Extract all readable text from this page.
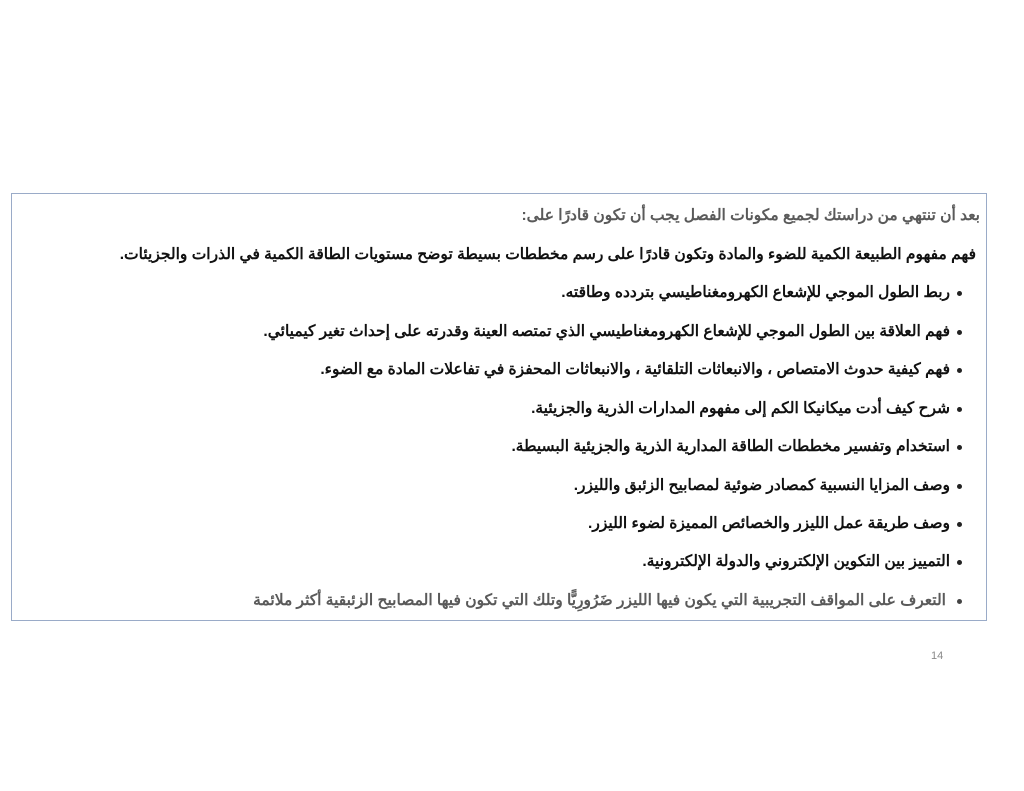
بعد أن تنتهي من دراستك لجميع مكونات الفصل يجب أن تكون قادرًا على:
فهم مفهوم الطبيعة الكمية للضوء والمادة وتكون قادرًا على رسم مخططات بسيطة توضح مستويات الطاقة الكمية في الذرات والجزيئات.
ربط الطول الموجي للإشعاع الكهرومغناطيسي بتردده وطاقته.
فهم العلاقة بين الطول الموجي للإشعاع الكهرومغناطيسي الذي تمتصه العينة وقدرته على إحداث تغير كيميائي.
فهم كيفية حدوث الامتصاص ، والانبعاثات التلقائية ، والانبعاثات المحفزة في تفاعلات المادة مع الضوء.
شرح كيف أدت ميكانيكا الكم إلى مفهوم المدارات الذرية والجزيئية.
استخدام وتفسير مخططات الطاقة المدارية الذرية والجزيئية البسيطة.
وصف المزايا النسبية كمصادر ضوئية لمصابيح الزئبق والليزر.
وصف طريقة عمل الليزر والخصائص المميزة لضوء الليزر.
التمييز بين التكوين الإلكتروني والدولة الإلكترونية.
التعرف على المواقف التجريبية التي يكون فيها الليزر ضَرُورِيًّا وتلك التي تكون فيها المصابيح الزئبقية أكثر ملائمة
14
